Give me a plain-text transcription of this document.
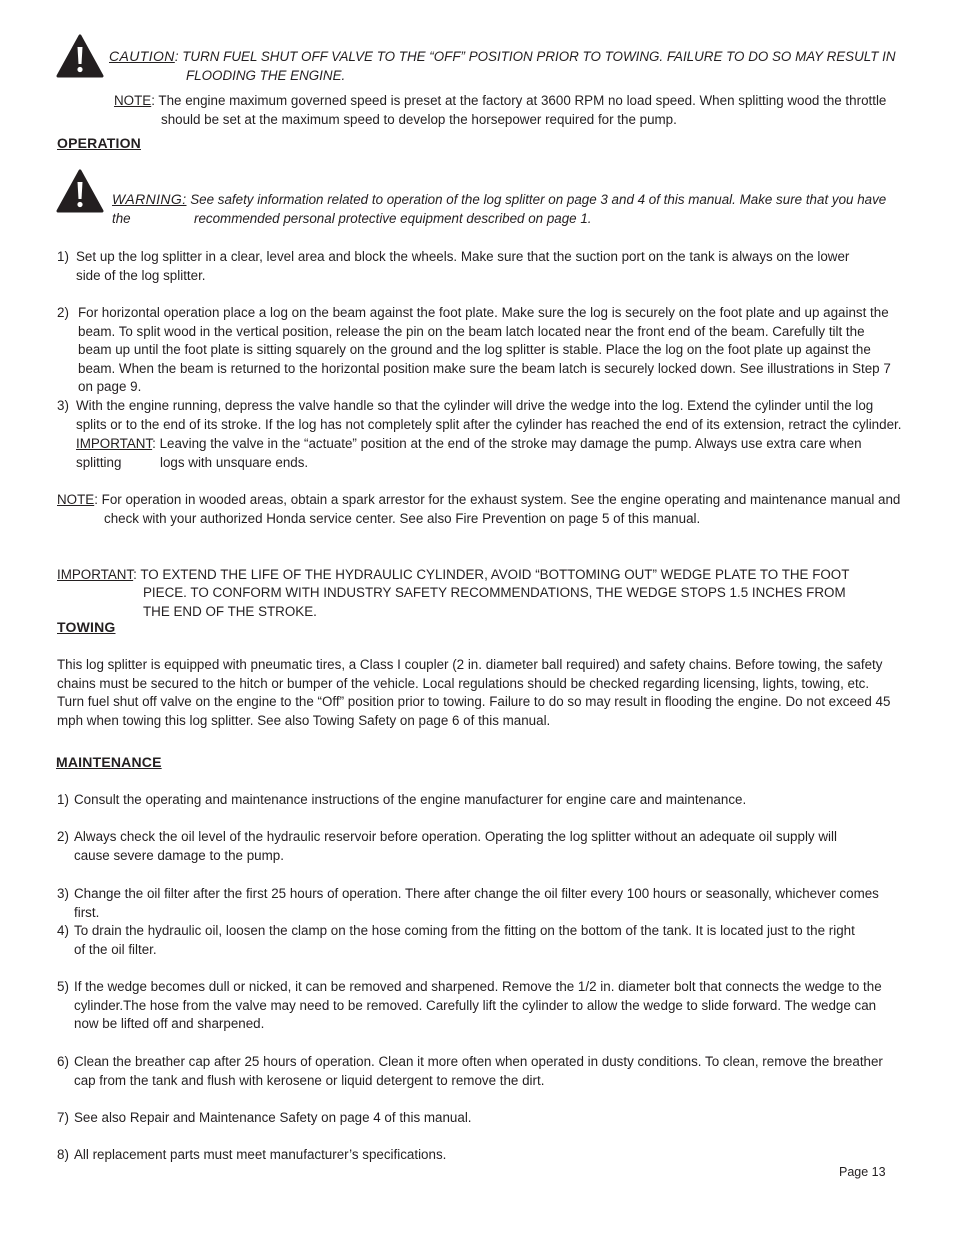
CAUTION: TURN FUEL SHUT OFF VALVE TO THE “OFF” POSITION PRIOR TO TOWING. FAILURE TO DO SO MAY RESULT IN
FLOODING THE ENGINE.
NOTE: The engine maximum governed speed is preset at the factory at 3600 RPM no load speed. When splitting wood the throttle
should be set at the maximum speed to develop the horsepower required for the pump.
OPERATION
WARNING: See safety information related to operation of the log splitter on page 3 and 4 of this manual. Make sure that you have the	recommended personal protective equipment described on page 1.
1) Set up the log splitter in a clear, level area and block the wheels. Make sure that the suction port on the tank is always on the lower side of the log splitter.
2) For horizontal operation place a log on the beam against the foot plate. Make sure the log is securely on the foot plate and up against the beam. To split wood in the vertical position, release the pin on the beam latch located near the front end of the beam. Carefully tilt the beam up until the foot plate is sitting squarely on the ground and the log splitter is stable. Place the log on the foot plate up against the beam. When the beam is returned to the horizontal position make sure the beam latch is securely locked down. See illustrations in Step 7 on page 9.
3) With the engine running, depress the valve handle so that the cylinder will drive the wedge into the log. Extend the cylinder until the log splits or to the end of its stroke. If the log has not completely split after the cylinder has reached the end of its extension, retract the cylinder.
IMPORTANT: Leaving the valve in the “actuate” position at the end of the stroke may damage the pump. Always use extra care when splitting	logs with unsquare ends.
NOTE: For operation in wooded areas, obtain a spark arrestor for the exhaust system. See the engine operating and maintenance manual and
check with your authorized Honda service center. See also Fire Prevention on page 5 of this manual.
IMPORTANT: TO EXTEND THE LIFE OF THE HYDRAULIC CYLINDER, AVOID “BOTTOMING OUT” WEDGE PLATE TO THE FOOT
PIECE. TO CONFORM WITH INDUSTRY SAFETY RECOMMENDATIONS, THE WEDGE STOPS 1.5 INCHES FROM
THE END OF THE STROKE.
TOWING
This log splitter is equipped with pneumatic tires, a Class I coupler (2 in. diameter ball required) and safety chains. Before towing, the safety chains must be secured to the hitch or bumper of the vehicle. Local regulations should be checked regarding licensing, lights, towing, etc. Turn fuel shut off valve on the engine to the “Off” position prior to towing. Failure to do so may result in flooding the engine. Do not exceed 45 mph when towing this log splitter. See also Towing Safety on page 6 of this manual.
MAINTENANCE
1) Consult the operating and maintenance instructions of the engine manufacturer for engine care and maintenance.
2) Always check the oil level of the hydraulic reservoir before operation. Operating the log splitter without an adequate oil supply will cause severe damage to the pump.
3) Change the oil filter after the first 25 hours of operation. There after change the oil filter every 100 hours or seasonally, whichever comes first.
4) To drain the hydraulic oil, loosen the clamp on the hose coming from the fitting on the bottom of the tank. It is located just to the right of the oil filter.
5) If the wedge becomes dull or nicked, it can be removed and sharpened. Remove the 1/2 in. diameter bolt that connects the wedge to the cylinder.The hose from the valve may need to be removed. Carefully lift the cylinder to allow the wedge to slide forward. The wedge can now be lifted off and sharpened.
6) Clean the breather cap after 25 hours of operation. Clean it more often when operated in dusty conditions. To clean, remove the breather cap from the tank and flush with kerosene or liquid detergent to remove the dirt.
7) See also Repair and Maintenance Safety on page 4 of this manual.
8) All replacement parts must meet manufacturer’s specifications.
Page 13
